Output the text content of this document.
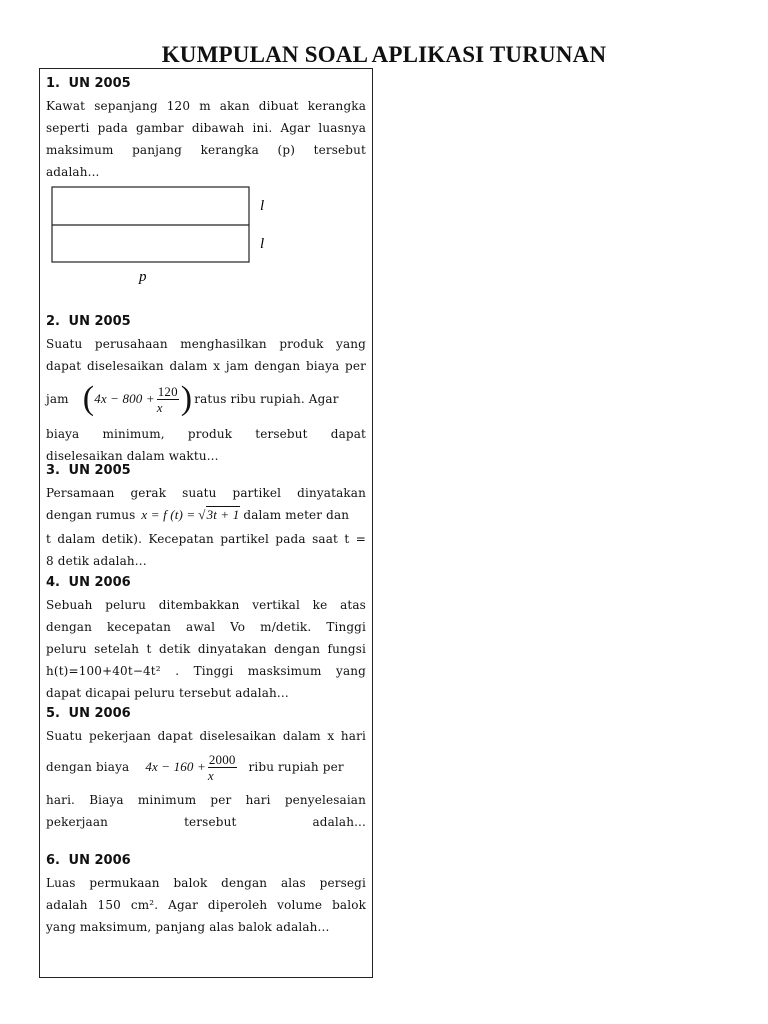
KUMPULAN SOAL APLIKASI TURUNAN
1. UN 2005
Kawat sepanjang 120 m akan dibuat kerangka
seperti pada gambar dibawah ini. Agar luasnya
maksimum panjang kerangka (p) tersebut
adalah...
l
l
p
2. UN 2005
Suatu perusahaan menghasilkan produk yang
dapat diselesaikan dalam x jam dengan biaya per
jam ( $4x - 800 + \frac{120}{x}$ ) ratus ribu rupiah. Agar
biaya minimum, produk tersebut dapat
diselesaikan dalam waktu...
3. UN 2005
Persamaan gerak suatu partikel dinyatakan
dengan rumus x = f (t) = √3t + 1 dalam meter dan
t dalam detik). Kecepatan partikel pada saat t =
8 detik adalah...
4. UN 2006
Sebuah peluru ditembakkan vertikal ke atas
dengan kecepatan awal Vo m/detik. Tinggi
peluru setelah t detik dinyatakan dengan fungsi
h(t)=100+40t−4t² . Tinggi masksimum yang
dapat dicapai peluru tersebut adalah...
5. UN 2006
Suatu pekerjaan dapat diselesaikan dalam x hari
dengan biaya $4x - 160 + \frac{2000}{x}$ ribu rupiah per
hari. Biaya minimum per hari penyelesaian
pekerjaan tersebut adalah...
6. UN 2006
Luas permukaan balok dengan alas persegi
adalah 150 cm². Agar diperoleh volume balok
yang maksimum, panjang alas balok adalah...
